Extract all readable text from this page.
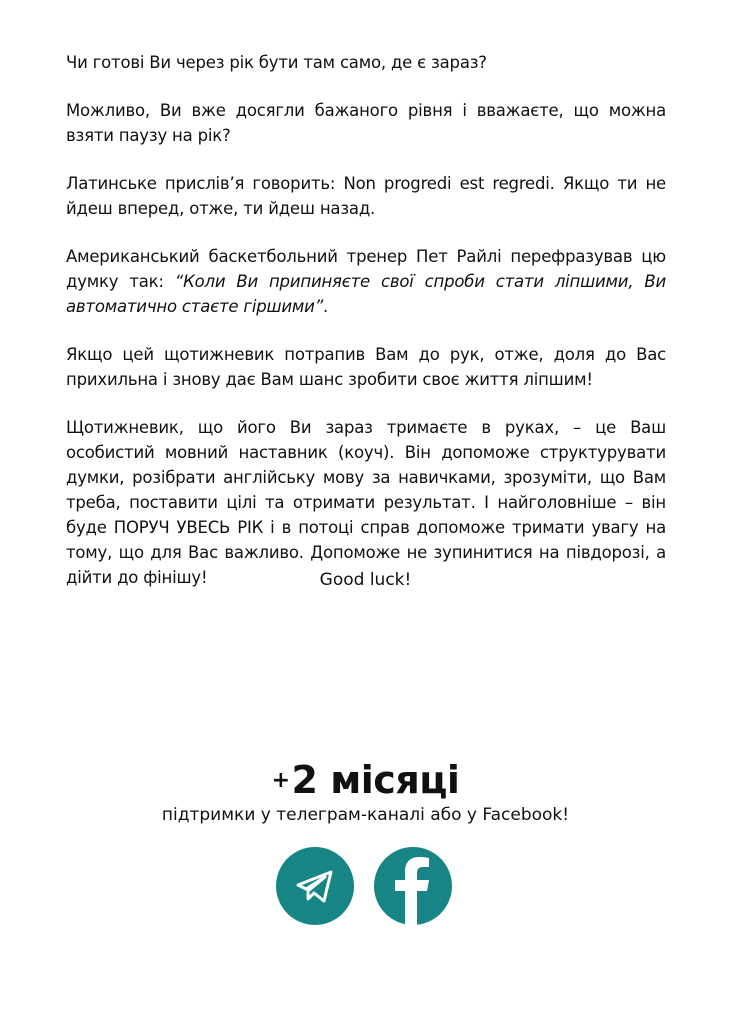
Чи готові Ви через рік бути там само, де є зараз?

Можливо, Ви вже досягли бажаного рівня і вважаєте, що можна взяти паузу на рік?

Латинське прислів’я говорить: Non progredi est regredi. Якщо ти не йдеш вперед, отже, ти йдеш назад.

Американський баскетбольний тренер Пет Райлі перефразував цю думку так: “Коли Ви припиняєте свої спроби стати ліпшими, Ви автоматично стаєте гіршими”.

Якщо цей щотижневик потрапив Вам до рук, отже, доля до Вас прихильна і знову дає Вам шанс зробити своє життя ліпшим!

Щотижневик, що його Ви зараз тримаєте в руках, – це Ваш особистий мовний наставник (коуч). Він допоможе структурувати думки, розібрати англійську мову за навичками, зрозуміти, що Вам треба, поставити цілі та отримати результат. І найголовніше – він буде ПОРУЧ УВЕСЬ РІК і в потоці справ допоможе тримати увагу на тому, що для Вас важливо. Допоможе не зупинитися на півдорозі, а дійти до фінішу!	Good luck!
+2 місяці
підтримки у телеграм-каналі або у Facebook!
